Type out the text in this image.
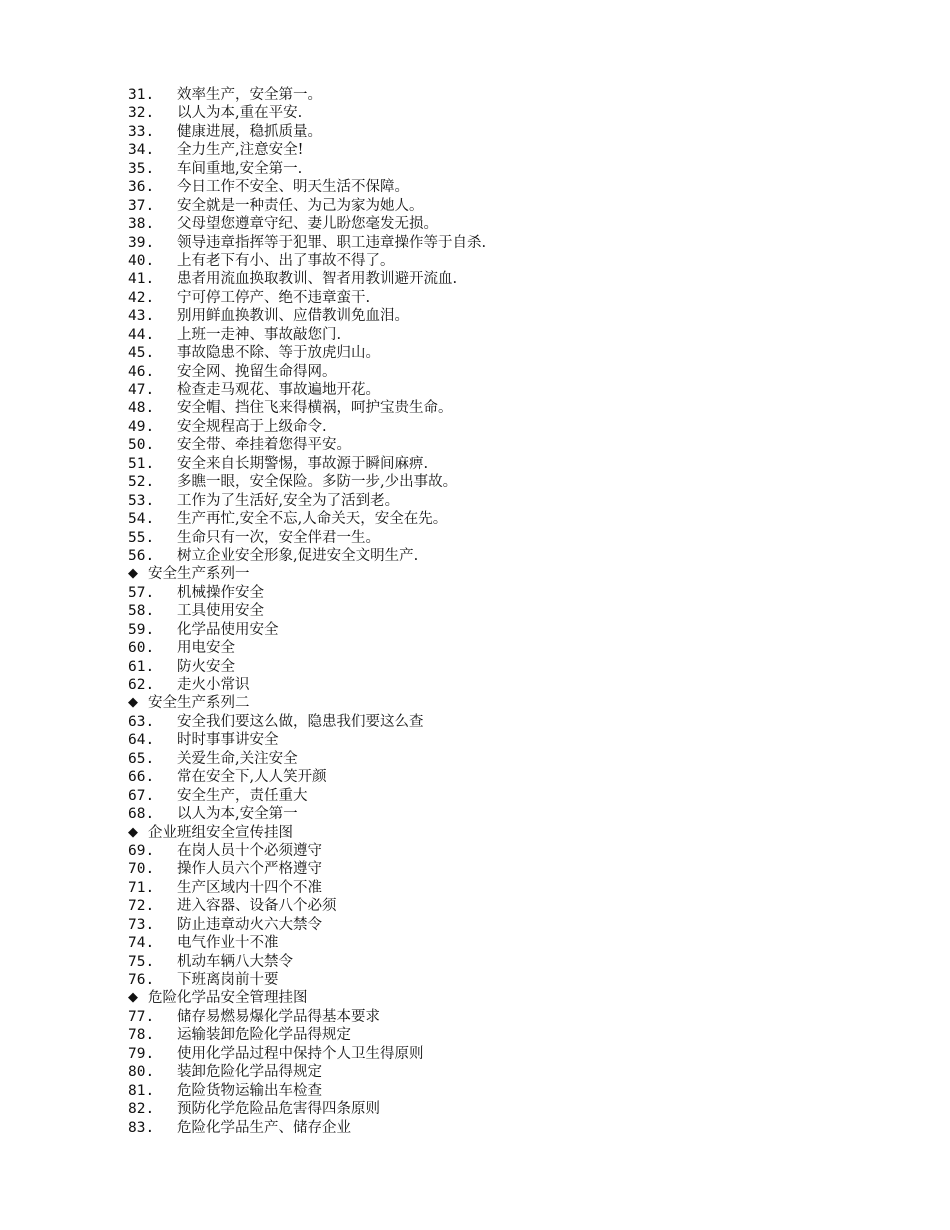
31. 效率生产，安全第一。
32. 以人为本,重在平安.
33. 健康进展，稳抓质量。
34. 全力生产,注意安全!
35. 车间重地,安全第一.
36. 今日工作不安全、明天生活不保障。
37. 安全就是一种责任、为己为家为她人。
38. 父母望您遵章守纪、妻儿盼您毫发无损。
39. 领导违章指挥等于犯罪、职工违章操作等于自杀.
40. 上有老下有小、出了事故不得了。
41. 患者用流血换取教训、智者用教训避开流血.
42. 宁可停工停产、绝不违章蛮干.
43. 别用鲜血换教训、应借教训免血泪。
44. 上班一走神、事故敲您门.
45. 事故隐患不除、等于放虎归山。
46. 安全网、挽留生命得网。
47. 检查走马观花、事故遍地开花。
48. 安全帽、挡住飞来得横祸，呵护宝贵生命。
49. 安全规程高于上级命令.
50. 安全带、牵挂着您得平安。
51. 安全来自长期警惕，事故源于瞬间麻痹.
52. 多瞧一眼，安全保险。多防一步,少出事故。
53. 工作为了生活好,安全为了活到老。
54. 生产再忙,安全不忘,人命关天，安全在先。
55. 生命只有一次，安全伴君一生。
56. 树立企业安全形象,促进安全文明生产.
◆安全生产系列一
57. 机械操作安全
58. 工具使用安全
59. 化学品使用安全
60. 用电安全
61. 防火安全
62. 走火小常识
◆ 安全生产系列二
63. 安全我们要这么做，隐患我们要这么查
64. 时时事事讲安全
65. 关爱生命,关注安全
66. 常在安全下,人人笑开颜
67. 安全生产，责任重大
68. 以人为本,安全第一
◆ 企业班组安全宣传挂图
69. 在岗人员十个必须遵守
70. 操作人员六个严格遵守
71. 生产区域内十四个不准
72. 进入容器、设备八个必须
73. 防止违章动火六大禁令
74. 电气作业十不准
75. 机动车辆八大禁令
76. 下班离岗前十要
◆ 危险化学品安全管理挂图
77. 储存易燃易爆化学品得基本要求
78. 运输装卸危险化学品得规定
79. 使用化学品过程中保持个人卫生得原则
80. 装卸危险化学品得规定
81. 危险货物运输出车检查
82. 预防化学危险品危害得四条原则
83. 危险化学品生产、储存企业
